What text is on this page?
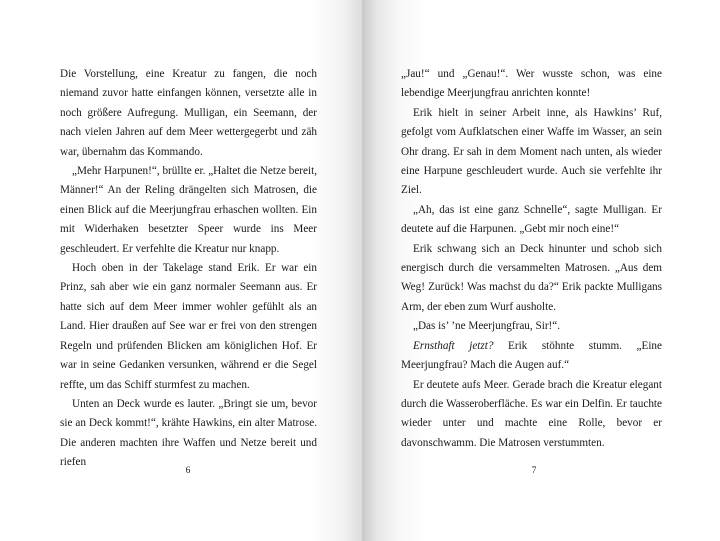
Die Vorstellung, eine Kreatur zu fangen, die noch niemand zuvor hatte einfangen können, versetzte alle in noch größere Aufregung. Mulligan, ein Seemann, der nach vielen Jahren auf dem Meer wettergegerbt und zäh war, übernahm das Kommando.

„Mehr Harpunen!“, brüllte er. „Haltet die Netze bereit, Männer!“ An der Reling drängelten sich Matrosen, die einen Blick auf die Meerjungfrau erhaschen wollten. Ein mit Widerhaken besetzter Speer wurde ins Meer geschleudert. Er verfehlte die Kreatur nur knapp.

Hoch oben in der Takelage stand Erik. Er war ein Prinz, sah aber wie ein ganz normaler Seemann aus. Er hatte sich auf dem Meer immer wohler gefühlt als an Land. Hier draußen auf See war er frei von den strengen Regeln und prüfenden Blicken am königlichen Hof. Er war in seine Gedanken versunken, während er die Segel reffte, um das Schiff sturmfest zu machen.

Unten an Deck wurde es lauter. „Bringt sie um, bevor sie an Deck kommt!“, krähte Hawkins, ein alter Matrose. Die anderen machten ihre Waffen und Netze bereit und riefen

6

„Jau!“ und „Genau!“. Wer wusste schon, was eine lebendige Meerjungfrau anrichten konnte!

Erik hielt in seiner Arbeit inne, als Hawkins’ Ruf, gefolgt vom Aufklatschen einer Waffe im Wasser, an sein Ohr drang. Er sah in dem Moment nach unten, als wieder eine Harpune geschleudert wurde. Auch sie verfehlte ihr Ziel.

„Ah, das ist eine ganz Schnelle“, sagte Mulligan. Er deutete auf die Harpunen. „Gebt mir noch eine!“

Erik schwang sich an Deck hinunter und schob sich energisch durch die versammelten Matrosen. „Aus dem Weg! Zurück! Was machst du da?“ Erik packte Mulligans Arm, der eben zum Wurf ausholte.

„Das is’ ’ne Meerjungfrau, Sir!“.

Ernsthaft jetzt? Erik stöhnte stumm. „Eine Meerjungfrau? Mach die Augen auf.“

Er deutete aufs Meer. Gerade brach die Kreatur elegant durch die Wasseroberfläche. Es war ein Delfin. Er tauchte wieder unter und machte eine Rolle, bevor er davonschwamm. Die Matrosen verstummten.

7
